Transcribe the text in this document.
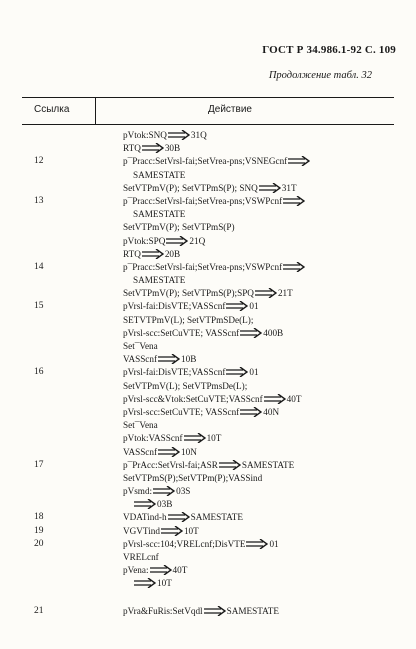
ГОСТ Р 34.986.1-92 С. 109
Продолжение табл. 32
Ссылка	Действие
pVtok:SNQ	31Q
RTQ	30B
12	p¯Pracc:SetVrsl-fai;SetVrea-pns;VSNEGcnf
SAMESTATE
SetVTPmV(P); SetVTPmS(P); SNQ	31T
13	p¯Pracc:SetVrsl-fai;SetVrea-pns;VSWPcnf
SAMESTATE
SetVTPmV(P); SetVTPmS(P)
pVtok:SPQ	21Q
RTQ	20B
14	p¯Pracc:SetVrsl-fai;SetVrea-pns;VSWPcnf
SAMESTATE
SetVTPmV(P); SetVTPmS(P);SPQ	21T
15	pVrsl-fai:DisVTE;VASScnf	01
SETVTPmV(L); SetVTPmSDe(L);
pVrsl-scc:SetCuVTE; VASScnf	400B
Set¯Vena
VASScnf	10B
16	pVrsl-fai:DisVTE;VASScnf	01
SetVTPmV(L); SetVTPmsDe(L);
pVrsl-scc&Vtok:SetCuVTE;VASScnf	40T
pVrsl-scc:SetCuVTE; VASScnf	40N
Set¯Vena
pVtok:VASScnf	10T
VASScnf	10N
17	p¯PrAcc:SetVrsl-fai;ASR	SAMESTATE
SetVTPmS(P);SetVTPm(P);VASSind
pVsmd:	03S
03B
18	VDATind-h	SAMESTATE
19	VGVTind	10T
20	pVrsl-scc:104;VRELcnf;DisVTE	01
VRELcnf
pVena:	40T
10T
21	pVra&FuRis:SetVqdl	SAMESTATE
